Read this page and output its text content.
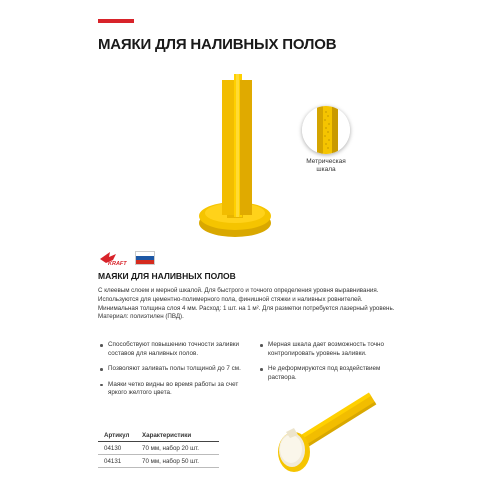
МАЯКИ ДЛЯ НАЛИВНЫХ ПОЛОВ
Метрическая
шкала
KRAFT
МАЯКИ ДЛЯ НАЛИВНЫХ ПОЛОВ

С клеевым слоем и мерной шкалой. Для быстрого и точного определения уровня выравнивания. Используются для цементно-полимерного пола, финишной стяжки и наливных ровнителей. Минимальная толщина слоя 4 мм. Расход: 1 шт. на 1 м². Для разметки потребуется лазерный уровень. Материал: полиэтилен (ПВД).

Способствуют повышению точности заливки составов для наливных полов.
Позволяют заливать полы толщиной до 7 см.
Маяки четко видны во время работы за счет яркого желтого цвета.
Мерная шкала дает возможность точно контролировать уровень заливки.
Не деформируются под воздействием раствора.
Артикул	Характеристики
04130	70 мм, набор 20 шт.
04131	70 мм, набор 50 шт.
